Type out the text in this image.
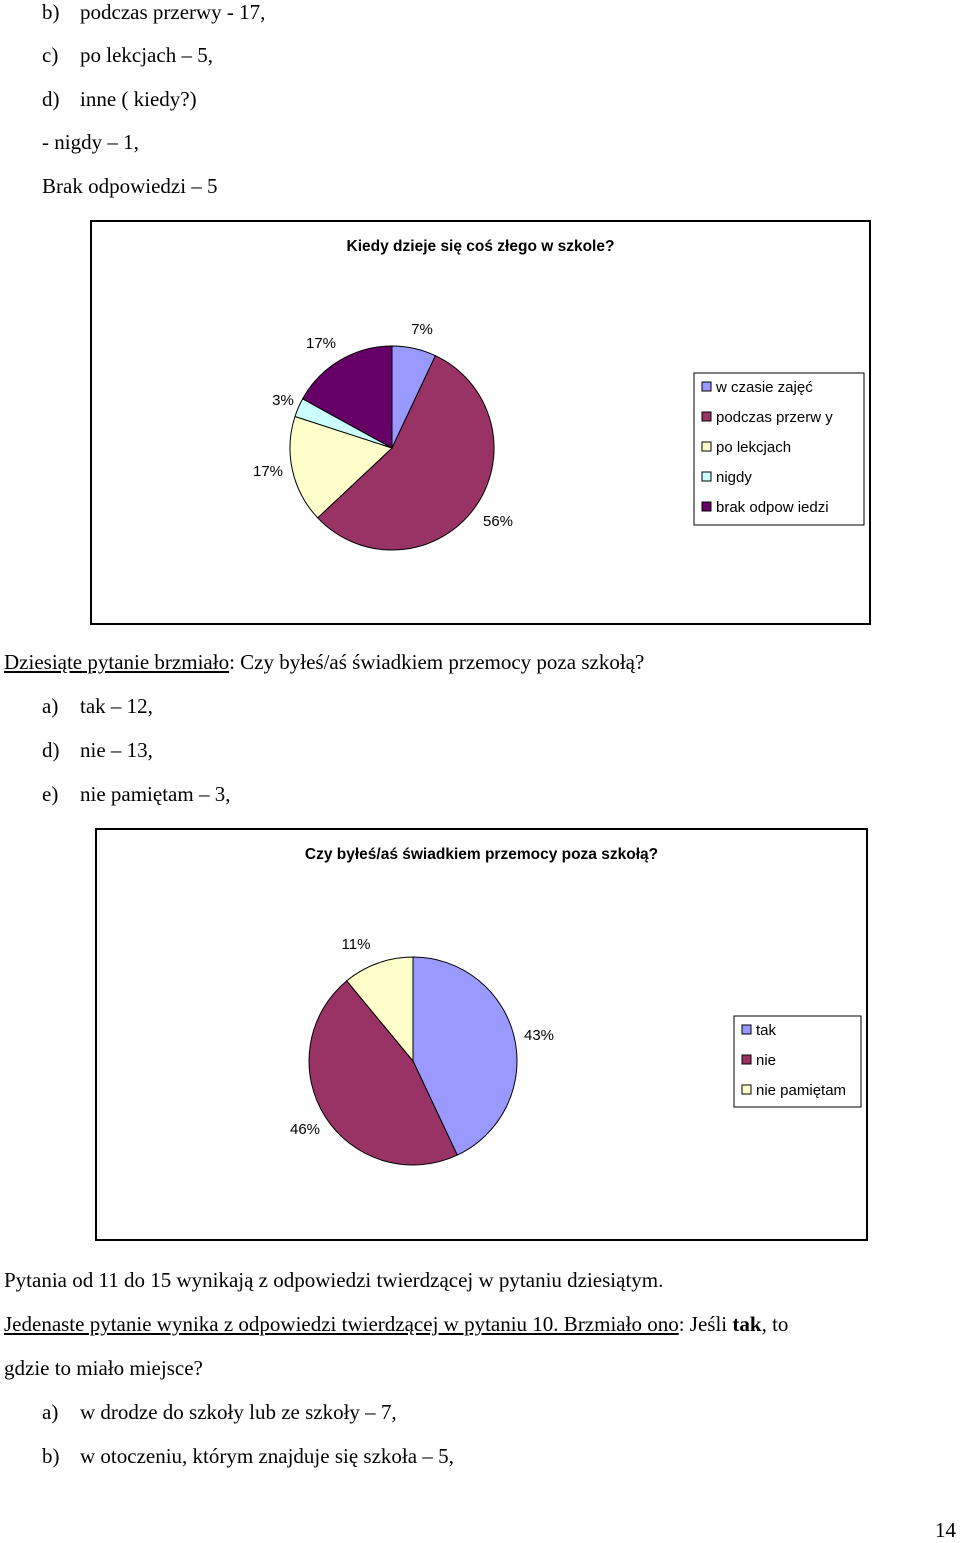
b) podczas przerwy - 17,
c) po lekcjach – 5,
d) inne ( kiedy?)
- nigdy – 1,
Brak odpowiedzi – 5
Kiedy dzieje się coś złego w szkole?
7%
56%
17%
3%
17%
w czasie zajęć
podczas przerw y
po lekcjach
nigdy
brak odpow iedzi
Dziesiąte pytanie brzmiało: Czy byłeś/aś świadkiem przemocy poza szkołą?
a) tak – 12,
d) nie – 13,
e) nie pamiętam – 3,
Czy byłeś/aś świadkiem przemocy poza szkołą?
43%
46%
11%
tak
nie
nie pamiętam
Pytania od 11 do 15 wynikają z odpowiedzi twierdzącej w pytaniu dziesiątym.
Jedenaste pytanie wynika z odpowiedzi twierdzącej w pytaniu 10. Brzmiało ono: Jeśli tak, to
gdzie to miało miejsce?
a) w drodze do szkoły lub ze szkoły – 7,
b) w otoczeniu, którym znajduje się szkoła – 5,
14
